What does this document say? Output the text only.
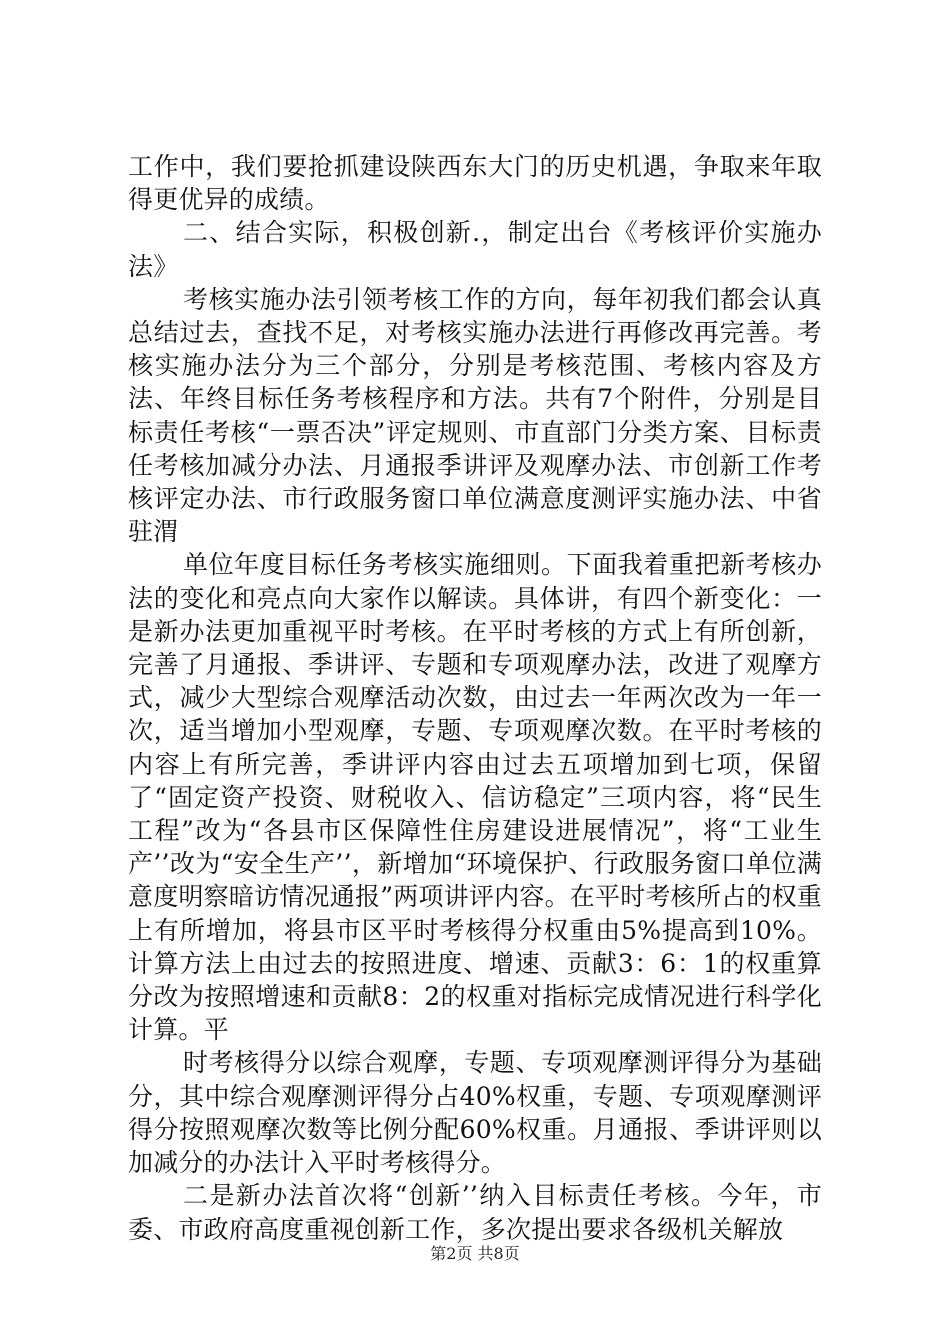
工作中，我们要抢抓建设陕西东大门的历史机遇，争取来年取得更优异的成绩。

二、结合实际，积极创新.，制定出台《考核评价实施办法》

考核实施办法引领考核工作的方向，每年初我们都会认真总结过去，查找不足，对考核实施办法进行再修改再完善。考核实施办法分为三个部分，分别是考核范围、考核内容及方法、年终目标任务考核程序和方法。共有7个附件，分别是目标责任考核“一票否决”评定规则、市直部门分类方案、目标责任考核加减分办法、月通报季讲评及观摩办法、市创新工作考核评定办法、市行政服务窗口单位满意度测评实施办法、中省驻渭

单位年度目标任务考核实施细则。下面我着重把新考核办法的变化和亮点向大家作以解读。具体讲，有四个新变化：一是新办法更加重视平时考核。在平时考核的方式上有所创新，完善了月通报、季讲评、专题和专项观摩办法，改进了观摩方式，减少大型综合观摩活动次数，由过去一年两次改为一年一次，适当增加小型观摩，专题、专项观摩次数。在平时考核的内容上有所完善，季讲评内容由过去五项增加到七项，保留了“固定资产投资、财税收入、信访稳定”三项内容，将“民生工程”改为“各县市区保障性住房建设进展情况”，将“工业生产’’改为“安全生产’’，新增加“环境保护、行政服务窗口单位满意度明察暗访情况通报”两项讲评内容。在平时考核所占的权重上有所增加，将县市区平时考核得分权重由5%提高到10%。计算方法上由过去的按照进度、增速、贡献3：6：1的权重算分改为按照增速和贡献8：2的权重对指标完成情况进行科学化计算。平

时考核得分以综合观摩，专题、专项观摩测评得分为基础分，其中综合观摩测评得分占40%权重，专题、专项观摩测评得分按照观摩次数等比例分配60%权重。月通报、季讲评则以加减分的办法计入平时考核得分。

二是新办法首次将“创新’’纳入目标责任考核。今年，市委、市政府高度重视创新工作，多次提出要求各级机关解放

第2页 共8页
